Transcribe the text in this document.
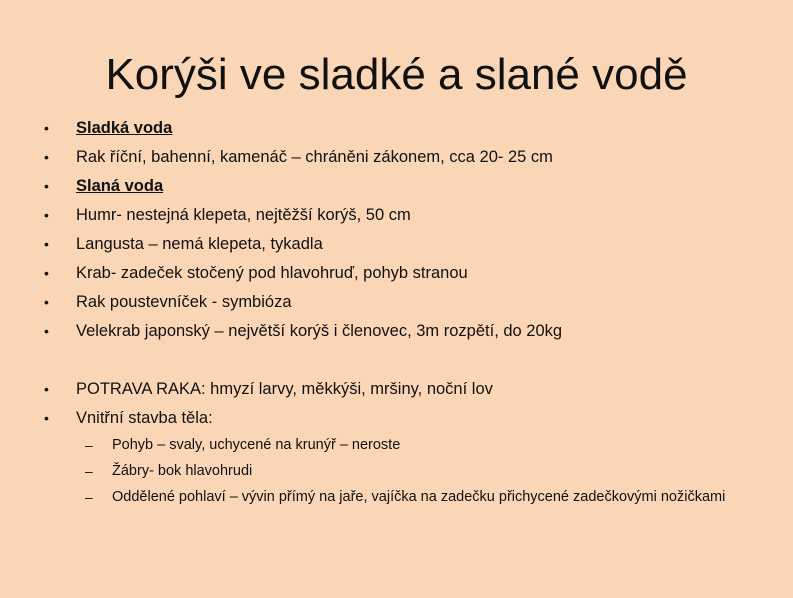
Korýši ve sladké a slané vodě
•	Sladká voda
•	Rak říční, bahenní, kamenáč – chráněni zákonem, cca 20- 25 cm
•	Slaná voda
•	Humr- nestejná klepeta, nejtěžší korýš, 50 cm
•	Langusta – nemá klepeta, tykadla
•	Krab- zadeček stočený pod hlavohruď, pohyb stranou
•	Rak poustevníček - symbióza
•	Velekrab japonský – největší korýš i členovec, 3m rozpětí, do 20kg
•	POTRAVA RAKA: hmyzí larvy, měkkýši, mršiny, noční lov
•	Vnitřní stavba těla:
– Pohyb – svaly, uchycené na krunýř – neroste
– Žábry- bok hlavohrudi
– Oddělené pohlaví – vývin přímý na jaře, vajíčka na zadečku přichycené zadečkovými nožičkami
